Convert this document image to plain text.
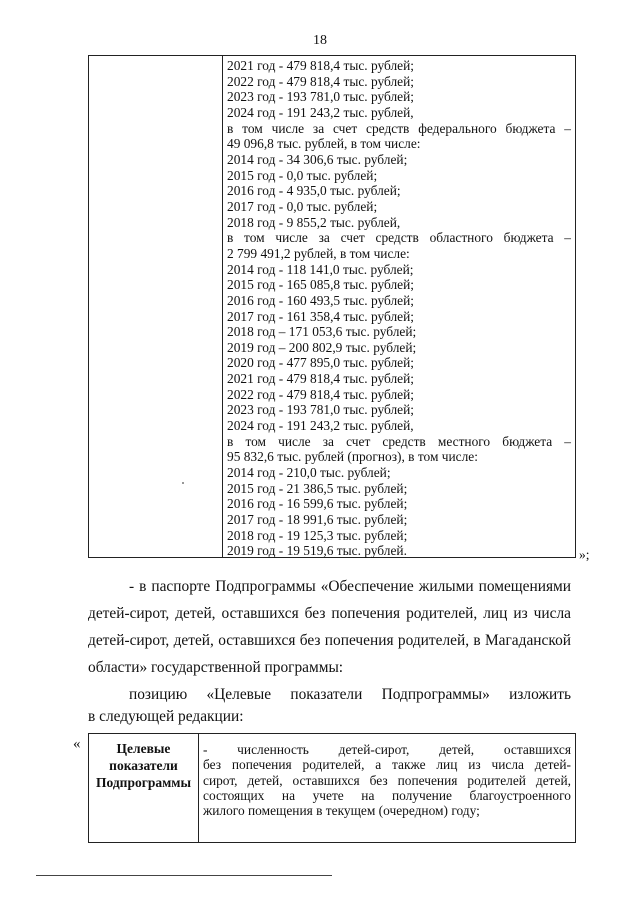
18
2021 год - 479 818,4 тыс. рублей;
2022 год - 479 818,4 тыс. рублей;
2023 год - 193 781,0 тыс. рублей;
2024 год - 191 243,2 тыс. рублей,
в том числе за счет средств федерального бюджета –
49 096,8 тыс. рублей, в том числе:
2014 год - 34 306,6 тыс. рублей;
2015 год - 0,0 тыс. рублей;
2016 год - 4 935,0 тыс. рублей;
2017 год - 0,0 тыс. рублей;
2018 год - 9 855,2 тыс. рублей,
в том числе за счет средств областного бюджета –
2 799 491,2 рублей, в том числе:
2014 год - 118 141,0 тыс. рублей;
2015 год - 165 085,8 тыс. рублей;
2016 год - 160 493,5 тыс. рублей;
2017 год - 161 358,4 тыс. рублей;
2018 год – 171 053,6 тыс. рублей;
2019 год – 200 802,9 тыс. рублей;
2020 год - 477 895,0 тыс. рублей;
2021 год - 479 818,4 тыс. рублей;
2022 год - 479 818,4 тыс. рублей;
2023 год - 193 781,0 тыс. рублей;
2024 год - 191 243,2 тыс. рублей,
в том числе за счет средств местного бюджета –
95 832,6 тыс. рублей (прогноз), в том числе:
2014 год - 210,0 тыс. рублей;
2015 год - 21 386,5 тыс. рублей;
2016 год - 16 599,6 тыс. рублей;
2017 год - 18 991,6 тыс. рублей;
2018 год - 19 125,3 тыс. рублей;
2019 год - 19 519,6 тыс. рублей.	»;
- в паспорте Подпрограммы «Обеспечение жилыми помещениями
детей-сирот, детей, оставшихся без попечения родителей, лиц из числа
детей-сирот, детей, оставшихся без попечения родителей, в Магаданской
области» государственной программы:
позицию «Целевые показатели Подпрограммы» изложить
в следующей редакции:
«	Целевые
показатели
Подпрограммы
- численность детей-сирот, детей, оставшихся
без попечения родителей, а также лиц из числа детей-
сирот, детей, оставшихся без попечения родителей детей,
состоящих на учете на получение благоустроенного
жилого помещения в текущем (очередном) году;
